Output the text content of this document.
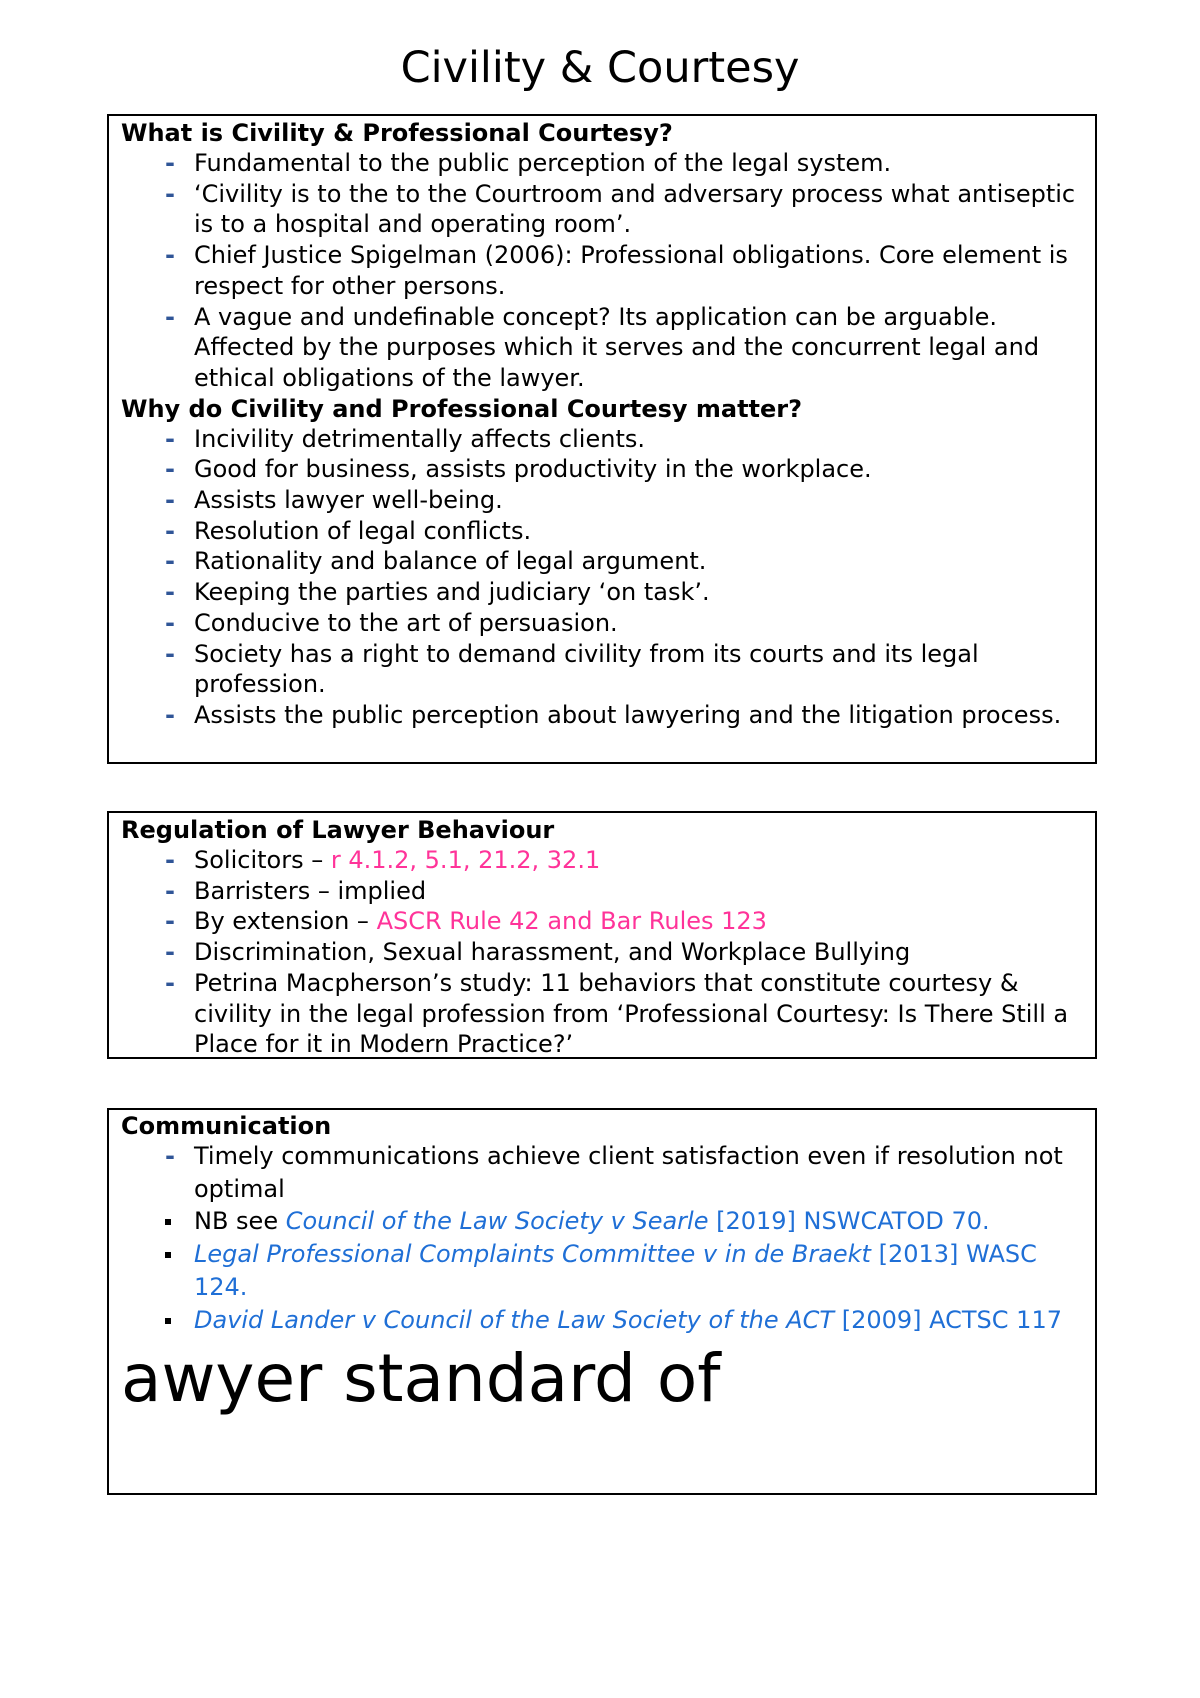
Civility & Courtesy

What is Civility & Professional Courtesy?

- Fundamental to the public perception of the legal system.
- ‘Civility is to the to the Courtroom and adversary process what antiseptic is to a hospital and operating room’.
- Chief Justice Spigelman (2006): Professional obligations. Core element is respect for other persons.
- A vague and undefinable concept? Its application can be arguable. Affected by the purposes which it serves and the concurrent legal and ethical obligations of the lawyer.

Why do Civility and Professional Courtesy matter?

- Incivility detrimentally affects clients.
- Good for business, assists productivity in the workplace.
- Assists lawyer well-being.
- Resolution of legal conflicts.
- Rationality and balance of legal argument.
- Keeping the parties and judiciary ‘on task’.
- Conducive to the art of persuasion.
- Society has a right to demand civility from its courts and its legal profession.
- Assists the public perception about lawyering and the litigation process.

Regulation of Lawyer Behaviour

- Solicitors – r 4.1.2, 5.1, 21.2, 32.1
- Barristers – implied
- By extension – ASCR Rule 42 and Bar Rules 123
- Discrimination, Sexual harassment, and Workplace Bullying
- Petrina Macpherson’s study: 11 behaviors that constitute courtesy & civility in the legal profession from ‘Professional Courtesy: Is There Still a Place for it in Modern Practice?’

Communication

- Timely communications achieve client satisfaction even if resolution not optimal
NB see Council of the Law Society v Searle [2019] NSWCATOD 70.
Legal Professional Complaints Committee v in de Braekt [2013] WASC 124.
David Lander v Council of the Law Society of the ACT [2009] ACTSC 117

awyer standard of
